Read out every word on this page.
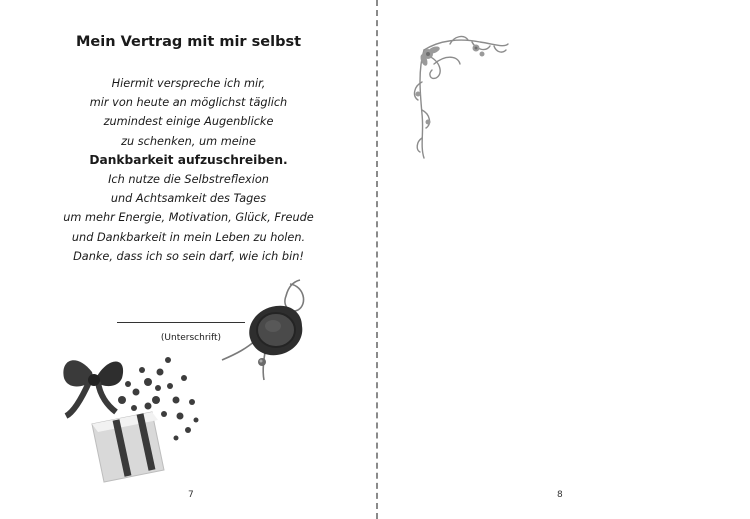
Mein Vertrag mit mir selbst
Hiermit verspreche ich mir,
mir von heute an möglichst täglich
zumindest einige Augenblicke
zu schenken, um meine
Dankbarkeit aufzuschreiben.
Ich nutze die Selbstreflexion
und Achtsamkeit des Tages
um mehr Energie, Motivation, Glück, Freude
und Dankbarkeit in mein Leben zu holen.
Danke, dass ich so sein darf, wie ich bin!
(Unterschrift)
7	8
